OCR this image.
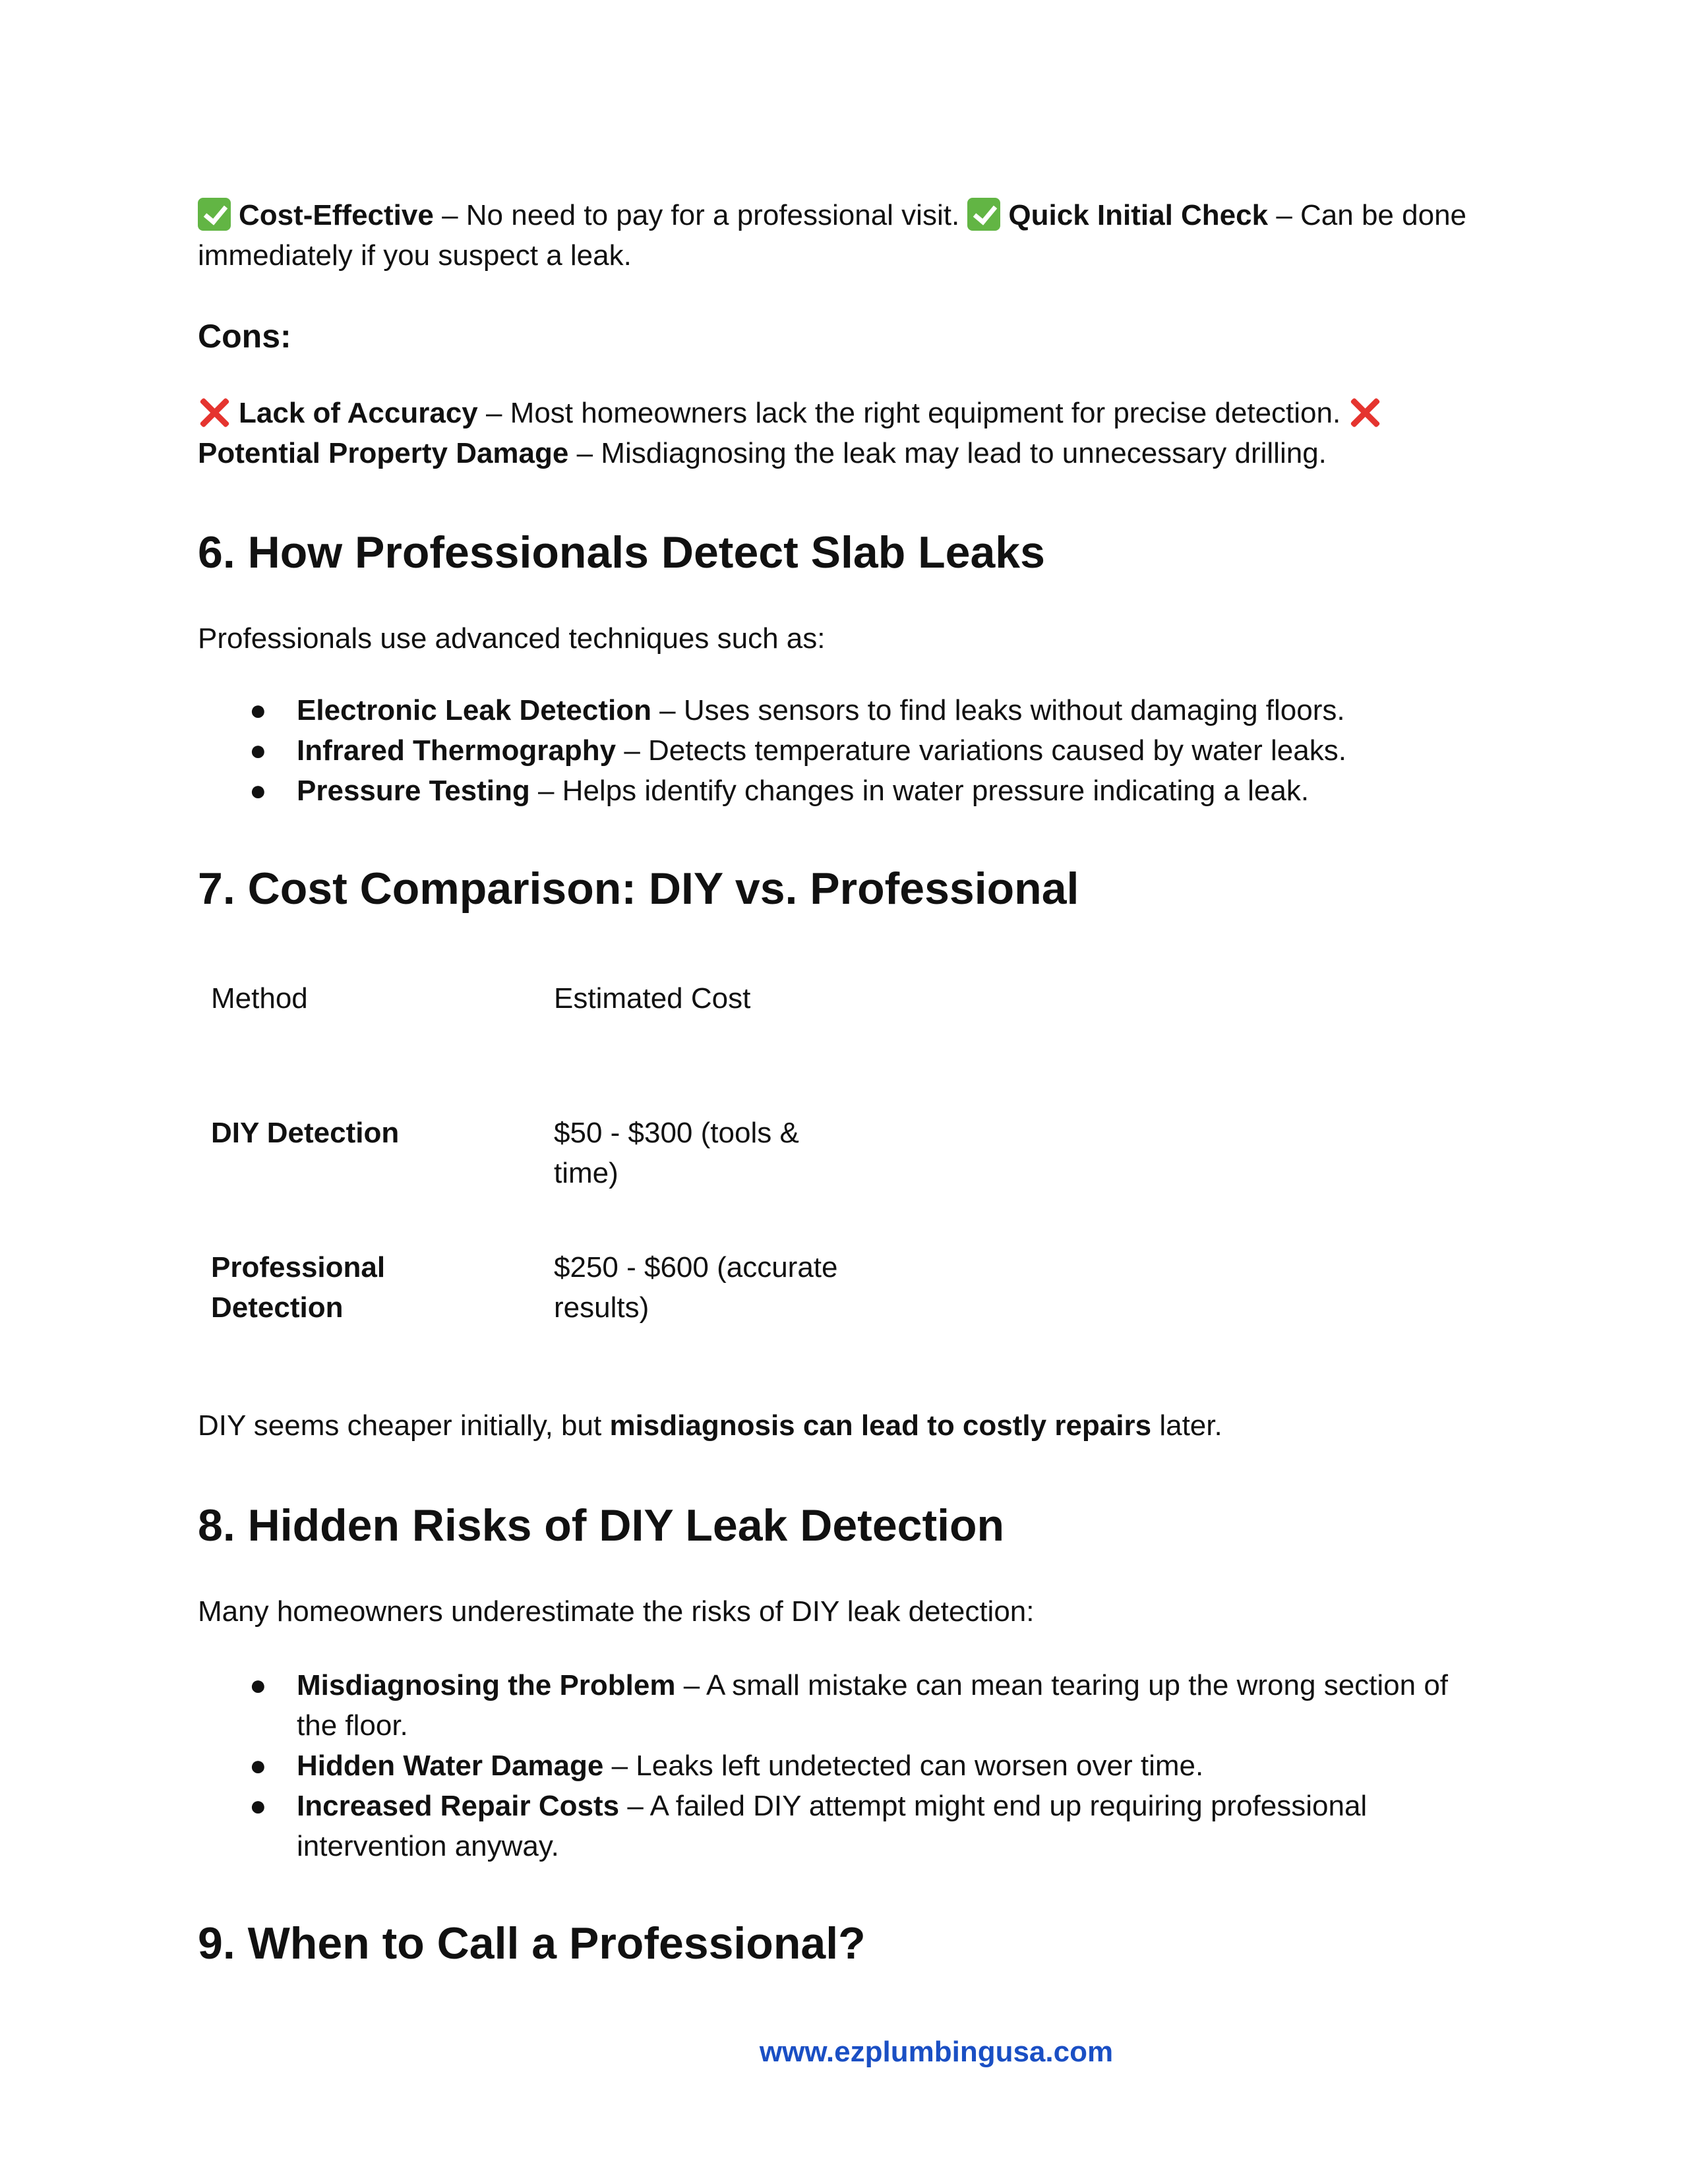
Cost-Effective – No need to pay for a professional visit. Quick Initial Check – Can be done immediately if you suspect a leak.
Cons:
Lack of Accuracy – Most homeowners lack the right equipment for precise detection. Potential Property Damage – Misdiagnosing the leak may lead to unnecessary drilling.
6. How Professionals Detect Slab Leaks
Professionals use advanced techniques such as:
● Electronic Leak Detection – Uses sensors to find leaks without damaging floors.
● Infrared Thermography – Detects temperature variations caused by water leaks.
● Pressure Testing – Helps identify changes in water pressure indicating a leak.
7. Cost Comparison: DIY vs. Professional
Method	Estimated Cost
DIY Detection	$50 - $300 (tools & time)
Professional Detection
$250 - $600 (accurate results)
DIY seems cheaper initially, but misdiagnosis can lead to costly repairs later.
8. Hidden Risks of DIY Leak Detection
Many homeowners underestimate the risks of DIY leak detection:
● Misdiagnosing the Problem – A small mistake can mean tearing up the wrong section of the floor.
● Hidden Water Damage – Leaks left undetected can worsen over time.
● Increased Repair Costs – A failed DIY attempt might end up requiring professional intervention anyway.
9. When to Call a Professional?
www.ezplumbingusa.com
